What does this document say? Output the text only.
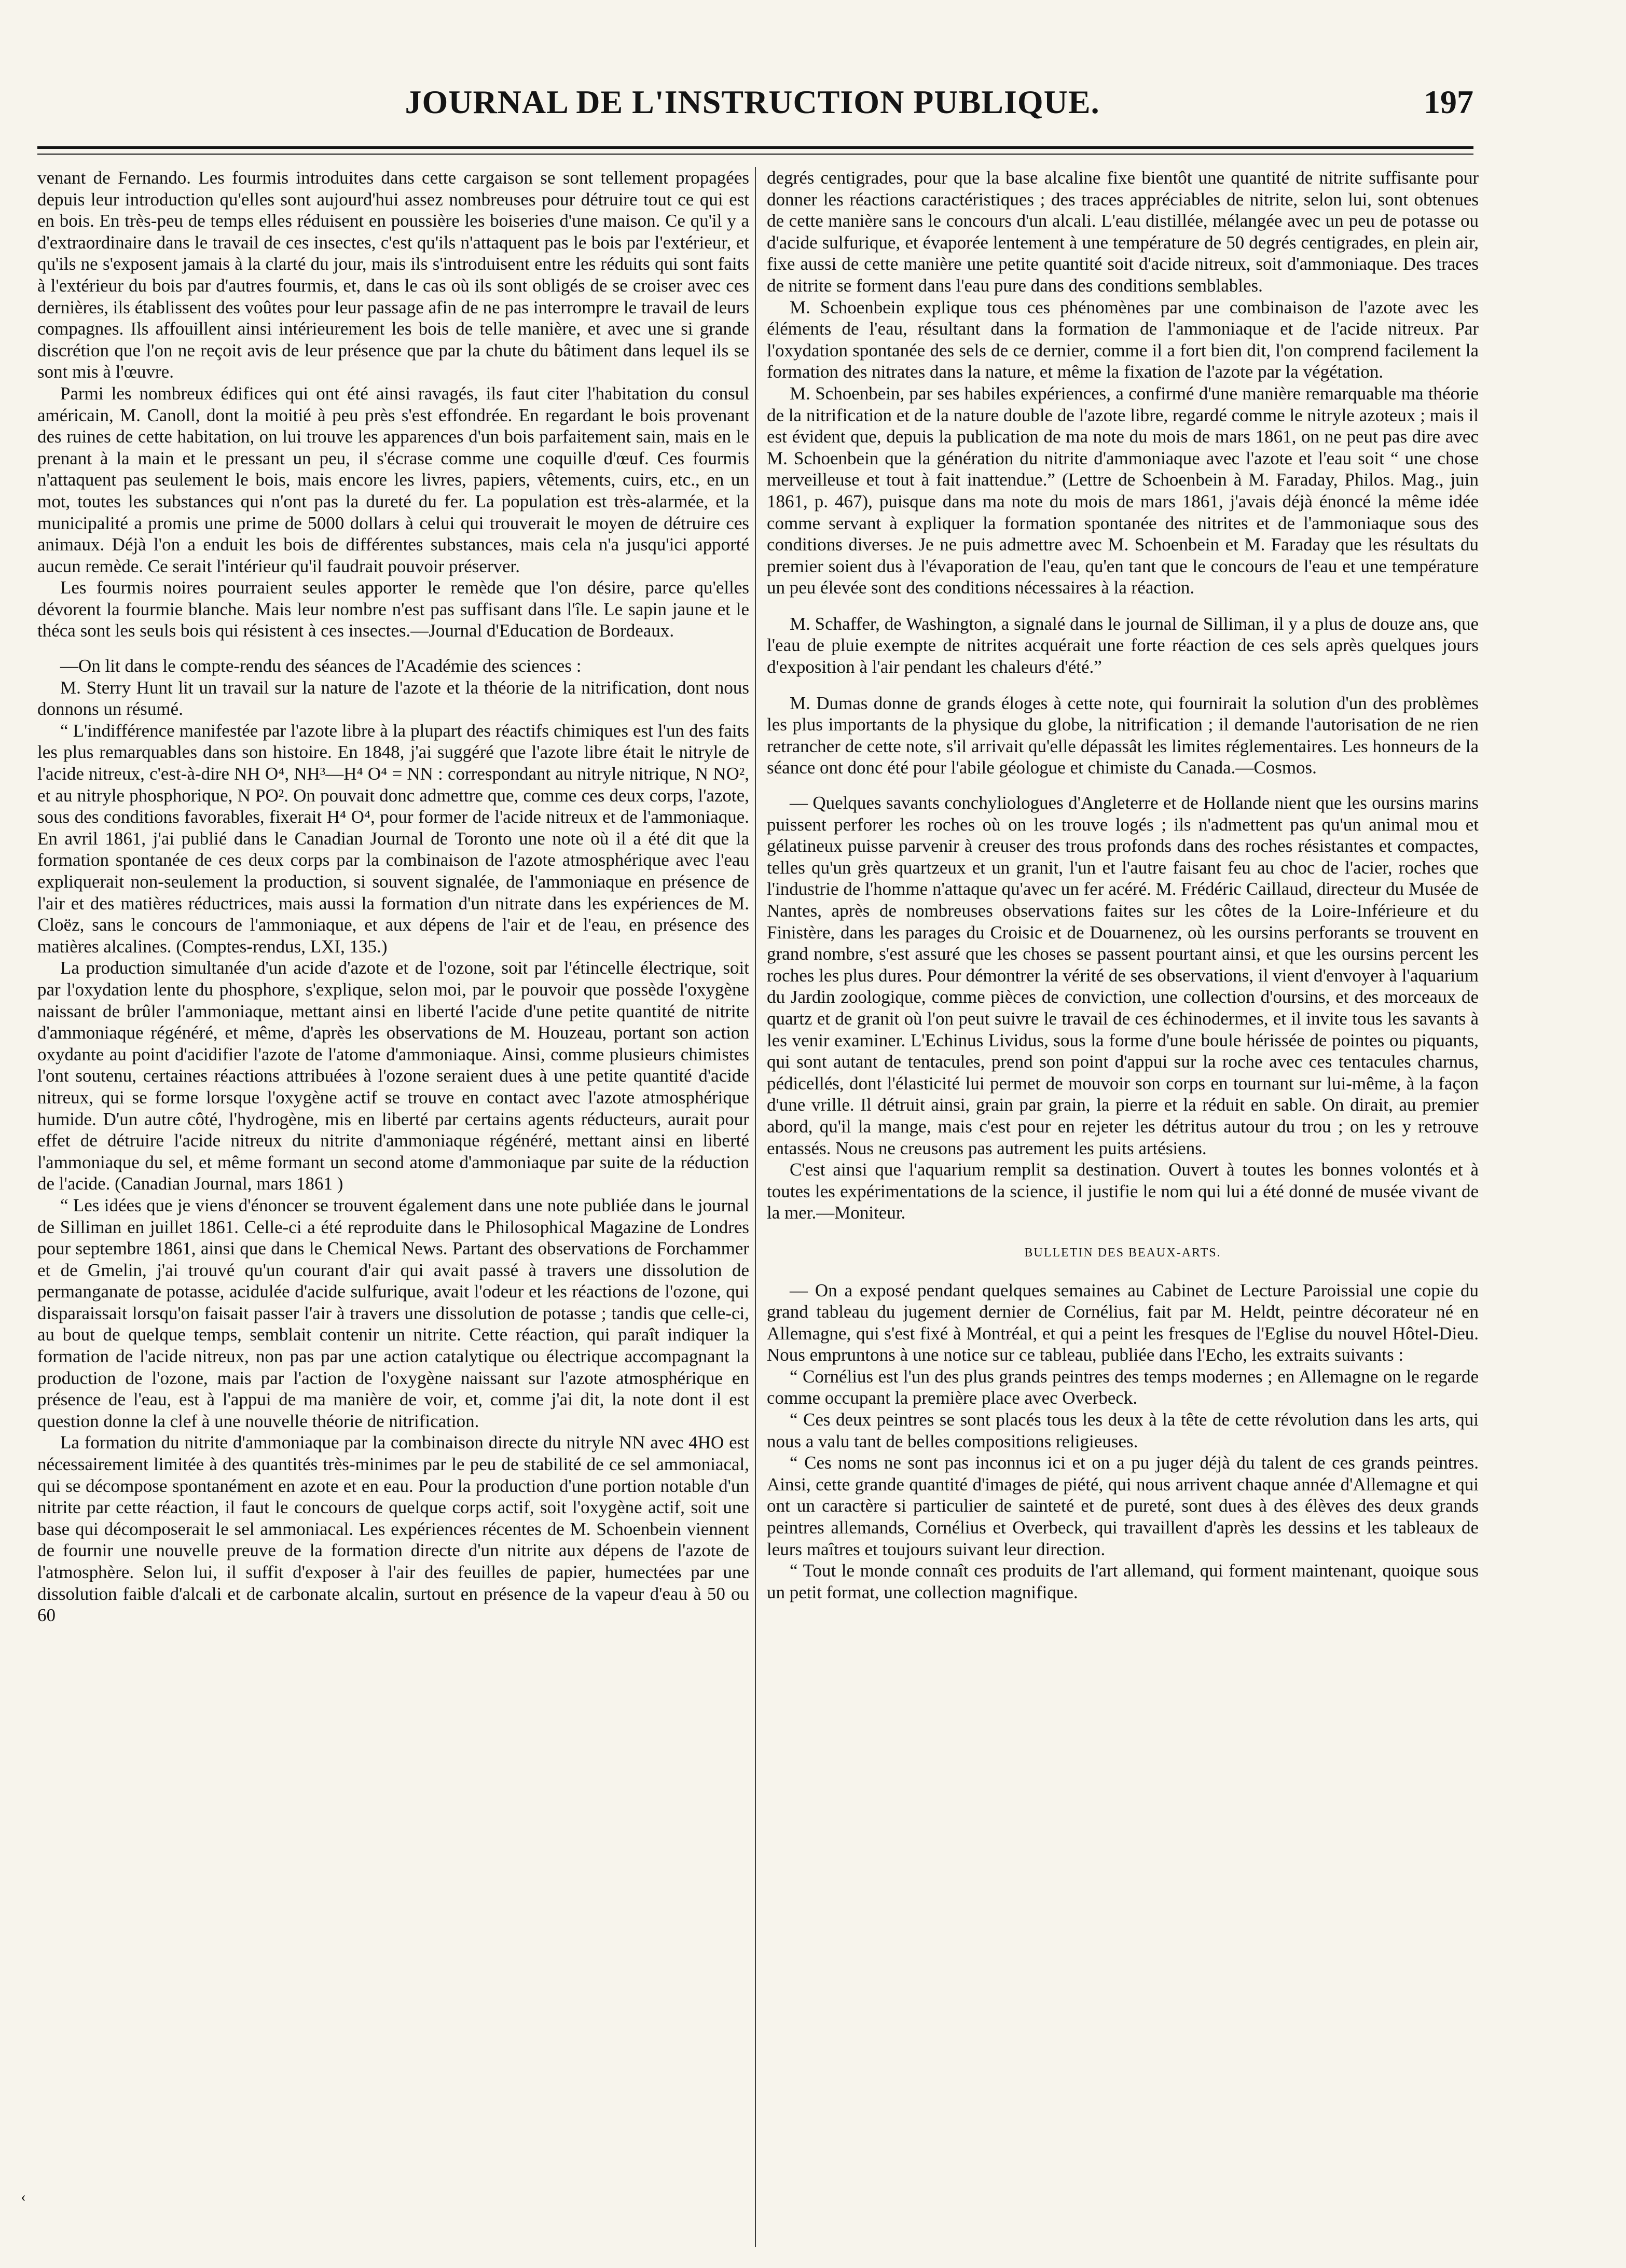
JOURNAL DE L'INSTRUCTION PUBLIQUE.	197

venant de Fernando. Les fourmis introduites dans cette cargaison se sont tellement propagées depuis leur introduction qu'elles sont aujourd'hui assez nombreuses pour détruire tout ce qui est en bois. En très-peu de temps elles réduisent en poussière les boiseries d'une maison. Ce qu'il y a d'extraordinaire dans le travail de ces insectes, c'est qu'ils n'attaquent pas le bois par l'extérieur, et qu'ils ne s'exposent jamais à la clarté du jour, mais ils s'introduisent entre les réduits qui sont faits à l'extérieur du bois par d'autres fourmis, et, dans le cas où ils sont obligés de se croiser avec ces dernières, ils établissent des voûtes pour leur passage afin de ne pas interrompre le travail de leurs compagnes. Ils affouillent ainsi intérieurement les bois de telle manière, et avec une si grande discrétion que l'on ne reçoit avis de leur présence que par la chute du bâtiment dans lequel ils se sont mis à l'œuvre.

Parmi les nombreux édifices qui ont été ainsi ravagés, ils faut citer l'habitation du consul américain, M. Canoll, dont la moitié à peu près s'est effondrée. En regardant le bois provenant des ruines de cette habitation, on lui trouve les apparences d'un bois parfaitement sain, mais en le prenant à la main et le pressant un peu, il s'écrase comme une coquille d'œuf. Ces fourmis n'attaquent pas seulement le bois, mais encore les livres, papiers, vêtements, cuirs, etc., en un mot, toutes les substances qui n'ont pas la dureté du fer. La population est très-alarmée, et la municipalité a promis une prime de 5000 dollars à celui qui trouverait le moyen de détruire ces animaux. Déjà l'on a enduit les bois de différentes substances, mais cela n'a jusqu'ici apporté aucun remède. Ce serait l'intérieur qu'il faudrait pouvoir préserver.

Les fourmis noires pourraient seules apporter le remède que l'on désire, parce qu'elles dévorent la fourmie blanche. Mais leur nombre n'est pas suffisant dans l'île. Le sapin jaune et le théca sont les seuls bois qui résistent à ces insectes.—Journal d'Education de Bordeaux.

—On lit dans le compte-rendu des séances de l'Académie des sciences :

M. Sterry Hunt lit un travail sur la nature de l'azote et la théorie de la nitrification, dont nous donnons un résumé.

“ L'indifférence manifestée par l'azote libre à la plupart des réactifs chimiques est l'un des faits les plus remarquables dans son histoire. En 1848, j'ai suggéré que l'azote libre était le nitryle de l'acide nitreux, c'est-à-dire NH O⁴, NH³—H⁴ O⁴ = NN : correspondant au nitryle nitrique, N NO², et au nitryle phosphorique, N PO². On pouvait donc admettre que, comme ces deux corps, l'azote, sous des conditions favorables, fixerait H⁴ O⁴, pour former de l'acide nitreux et de l'ammoniaque. En avril 1861, j'ai publié dans le Canadian Journal de Toronto une note où il a été dit que la formation spontanée de ces deux corps par la combinaison de l'azote atmosphérique avec l'eau expliquerait non-seulement la production, si souvent signalée, de l'ammoniaque en présence de l'air et des matières réductrices, mais aussi la formation d'un nitrate dans les expériences de M. Cloëz, sans le concours de l'ammoniaque, et aux dépens de l'air et de l'eau, en présence des matières alcalines. (Comptes-rendus, LXI, 135.)

La production simultanée d'un acide d'azote et de l'ozone, soit par l'étincelle électrique, soit par l'oxydation lente du phosphore, s'explique, selon moi, par le pouvoir que possède l'oxygène naissant de brûler l'ammoniaque, mettant ainsi en liberté l'acide d'une petite quantité de nitrite d'ammoniaque régénéré, et même, d'après les observations de M. Houzeau, portant son action oxydante au point d'acidifier l'azote de l'atome d'ammoniaque. Ainsi, comme plusieurs chimistes l'ont soutenu, certaines réactions attribuées à l'ozone seraient dues à une petite quantité d'acide nitreux, qui se forme lorsque l'oxygène actif se trouve en contact avec l'azote atmosphérique humide. D'un autre côté, l'hydrogène, mis en liberté par certains agents réducteurs, aurait pour effet de détruire l'acide nitreux du nitrite d'ammoniaque régénéré, mettant ainsi en liberté l'ammoniaque du sel, et même formant un second atome d'ammoniaque par suite de la réduction de l'acide. (Canadian Journal, mars 1861 )

“ Les idées que je viens d'énoncer se trouvent également dans une note publiée dans le journal de Silliman en juillet 1861. Celle-ci a été reproduite dans le Philosophical Magazine de Londres pour septembre 1861, ainsi que dans le Chemical News. Partant des observations de Forchammer et de Gmelin, j'ai trouvé qu'un courant d'air qui avait passé à travers une dissolution de permanganate de potasse, acidulée d'acide sulfurique, avait l'odeur et les réactions de l'ozone, qui disparaissait lorsqu'on faisait passer l'air à travers une dissolution de potasse ; tandis que celle-ci, au bout de quelque temps, semblait contenir un nitrite. Cette réaction, qui paraît indiquer la formation de l'acide nitreux, non pas par une action catalytique ou électrique accompagnant la production de l'ozone, mais par l'action de l'oxygène naissant sur l'azote atmosphérique en présence de l'eau, est à l'appui de ma manière de voir, et, comme j'ai dit, la note dont il est question donne la clef à une nouvelle théorie de nitrification.

La formation du nitrite d'ammoniaque par la combinaison directe du nitryle NN avec 4HO est nécessairement limitée à des quantités très-minimes par le peu de stabilité de ce sel ammoniacal, qui se décompose spontanément en azote et en eau. Pour la production d'une portion notable d'un nitrite par cette réaction, il faut le concours de quelque corps actif, soit l'oxygène actif, soit une base qui décomposerait le sel ammoniacal. Les expériences récentes de M. Schoenbein viennent de fournir une nouvelle preuve de la formation directe d'un nitrite aux dépens de l'azote de l'atmosphère. Selon lui, il suffit d'exposer à l'air des feuilles de papier, humectées par une dissolution faible d'alcali et de carbonate alcalin, surtout en présence de la vapeur d'eau à 50 ou 60

degrés centigrades, pour que la base alcaline fixe bientôt une quantité de nitrite suffisante pour donner les réactions caractéristiques ; des traces appréciables de nitrite, selon lui, sont obtenues de cette manière sans le concours d'un alcali. L'eau distillée, mélangée avec un peu de potasse ou d'acide sulfurique, et évaporée lentement à une température de 50 degrés centigrades, en plein air, fixe aussi de cette manière une petite quantité soit d'acide nitreux, soit d'ammoniaque. Des traces de nitrite se forment dans l'eau pure dans des conditions semblables.

M. Schoenbein explique tous ces phénomènes par une combinaison de l'azote avec les éléments de l'eau, résultant dans la formation de l'ammoniaque et de l'acide nitreux. Par l'oxydation spontanée des sels de ce dernier, comme il a fort bien dit, l'on comprend facilement la formation des nitrates dans la nature, et même la fixation de l'azote par la végétation.

M. Schoenbein, par ses habiles expériences, a confirmé d'une manière remarquable ma théorie de la nitrification et de la nature double de l'azote libre, regardé comme le nitryle azoteux ; mais il est évident que, depuis la publication de ma note du mois de mars 1861, on ne peut pas dire avec M. Schoenbein que la génération du nitrite d'ammoniaque avec l'azote et l'eau soit “ une chose merveilleuse et tout à fait inattendue.” (Lettre de Schoenbein à M. Faraday, Philos. Mag., juin 1861, p. 467), puisque dans ma note du mois de mars 1861, j'avais déjà énoncé la même idée comme servant à expliquer la formation spontanée des nitrites et de l'ammoniaque sous des conditions diverses. Je ne puis admettre avec M. Schoenbein et M. Faraday que les résultats du premier soient dus à l'évaporation de l'eau, qu'en tant que le concours de l'eau et une température un peu élevée sont des conditions nécessaires à la réaction.

M. Schaffer, de Washington, a signalé dans le journal de Silliman, il y a plus de douze ans, que l'eau de pluie exempte de nitrites acquérait une forte réaction de ces sels après quelques jours d'exposition à l'air pendant les chaleurs d'été.”

M. Dumas donne de grands éloges à cette note, qui fournirait la solution d'un des problèmes les plus importants de la physique du globe, la nitrification ; il demande l'autorisation de ne rien retrancher de cette note, s'il arrivait qu'elle dépassât les limites réglementaires. Les honneurs de la séance ont donc été pour l'abile géologue et chimiste du Canada.—Cosmos.

— Quelques savants conchyliologues d'Angleterre et de Hollande nient que les oursins marins puissent perforer les roches où on les trouve logés ; ils n'admettent pas qu'un animal mou et gélatineux puisse parvenir à creuser des trous profonds dans des roches résistantes et compactes, telles qu'un grès quartzeux et un granit, l'un et l'autre faisant feu au choc de l'acier, roches que l'industrie de l'homme n'attaque qu'avec un fer acéré. M. Frédéric Caillaud, directeur du Musée de Nantes, après de nombreuses observations faites sur les côtes de la Loire-Inférieure et du Finistère, dans les parages du Croisic et de Douarnenez, où les oursins perforants se trouvent en grand nombre, s'est assuré que les choses se passent pourtant ainsi, et que les oursins percent les roches les plus dures. Pour démontrer la vérité de ses observations, il vient d'envoyer à l'aquarium du Jardin zoologique, comme pièces de conviction, une collection d'oursins, et des morceaux de quartz et de granit où l'on peut suivre le travail de ces échinodermes, et il invite tous les savants à les venir examiner. L'Echinus Lividus, sous la forme d'une boule hérissée de pointes ou piquants, qui sont autant de tentacules, prend son point d'appui sur la roche avec ces tentacules charnus, pédicellés, dont l'élasticité lui permet de mouvoir son corps en tournant sur lui-même, à la façon d'une vrille. Il détruit ainsi, grain par grain, la pierre et la réduit en sable. On dirait, au premier abord, qu'il la mange, mais c'est pour en rejeter les détritus autour du trou ; on les y retrouve entassés. Nous ne creusons pas autrement les puits artésiens.

C'est ainsi que l'aquarium remplit sa destination. Ouvert à toutes les bonnes volontés et à toutes les expérimentations de la science, il justifie le nom qui lui a été donné de musée vivant de la mer.—Moniteur.

BULLETIN DES BEAUX-ARTS.

— On a exposé pendant quelques semaines au Cabinet de Lecture Paroissial une copie du grand tableau du jugement dernier de Cornélius, fait par M. Heldt, peintre décorateur né en Allemagne, qui s'est fixé à Montréal, et qui a peint les fresques de l'Eglise du nouvel Hôtel-Dieu. Nous empruntons à une notice sur ce tableau, publiée dans l'Echo, les extraits suivants :

“ Cornélius est l'un des plus grands peintres des temps modernes ; en Allemagne on le regarde comme occupant la première place avec Overbeck.

“ Ces deux peintres se sont placés tous les deux à la tête de cette révolution dans les arts, qui nous a valu tant de belles compositions religieuses.

“ Ces noms ne sont pas inconnus ici et on a pu juger déjà du talent de ces grands peintres. Ainsi, cette grande quantité d'images de piété, qui nous arrivent chaque année d'Allemagne et qui ont un caractère si particulier de sainteté et de pureté, sont dues à des élèves des deux grands peintres allemands, Cornélius et Overbeck, qui travaillent d'après les dessins et les tableaux de leurs maîtres et toujours suivant leur direction.

“ Tout le monde connaît ces produits de l'art allemand, qui forment maintenant, quoique sous un petit format, une collection magnifique.

‹
